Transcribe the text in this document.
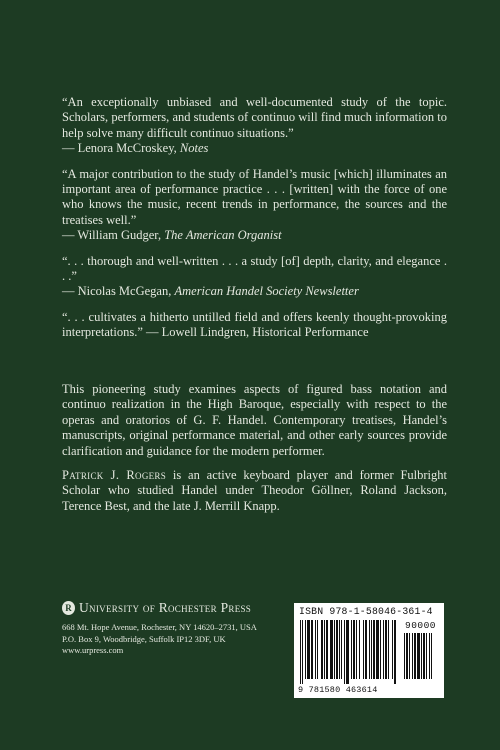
“An exceptionally unbiased and well-documented study of the topic. Scholars, performers, and students of continuo will find much information to help solve many difficult continuo situations.”

— Lenora McCroskey, Notes

“A major contribution to the study of Handel’s music [which] illuminates an important area of performance practice . . . [written] with the force of one who knows the music, recent trends in performance, the sources and the treatises well.”

— William Gudger, The American Organist

“. . . thorough and well-written . . . a study [of] depth, clarity, and elegance . . .”

— Nicolas McGegan, American Handel Society Newsletter

“. . . cultivates a hitherto untilled field and offers keenly thought-provoking interpretations.” — Lowell Lindgren, Historical Performance

This pioneering study examines aspects of figured bass notation and continuo realization in the High Baroque, especially with respect to the operas and oratorios of G. F. Handel. Contemporary treatises, Handel’s manuscripts, original performance material, and other early sources provide clarification and guidance for the modern performer.

Patrick J. Rogers is an active keyboard player and former Fulbright Scholar who studied Handel under Theodor Göllner, Roland Jackson, Terence Best, and the late J. Merrill Knapp.

R University of Rochester Press
668 Mt. Hope Avenue, Rochester, NY 14620–2731, USA
P.O. Box 9, Woodbridge, Suffolk IP12 3DF, UK
www.urpress.com
ISBN 978-1-58046-361-4
90000
9 781580 463614
